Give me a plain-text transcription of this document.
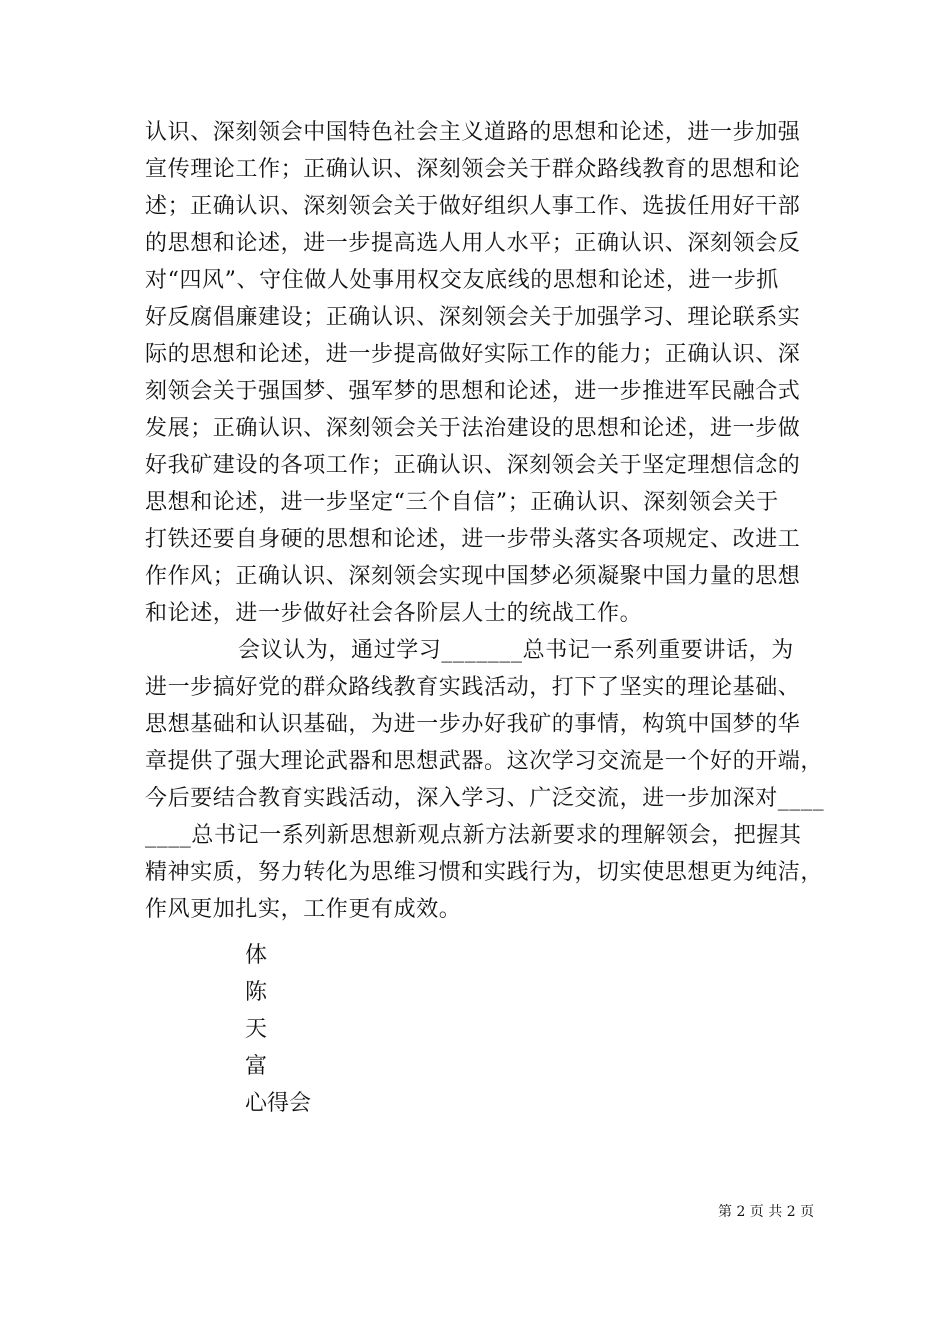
认识、深刻领会中国特色社会主义道路的思想和论述，进一步加强
宣传理论工作；正确认识、深刻领会关于群众路线教育的思想和论
述；正确认识、深刻领会关于做好组织人事工作、选拔任用好干部
的思想和论述，进一步提高选人用人水平；正确认识、深刻领会反
对“四风”、守住做人处事用权交友底线的思想和论述，进一步抓
好反腐倡廉建设；正确认识、深刻领会关于加强学习、理论联系实
际的思想和论述，进一步提高做好实际工作的能力；正确认识、深
刻领会关于强国梦、强军梦的思想和论述，进一步推进军民融合式
发展；正确认识、深刻领会关于法治建设的思想和论述，进一步做
好我矿建设的各项工作；正确认识、深刻领会关于坚定理想信念的
思想和论述，进一步坚定“三个自信”；正确认识、深刻领会关于
打铁还要自身硬的思想和论述，进一步带头落实各项规定、改进工
作作风；正确认识、深刻领会实现中国梦必须凝聚中国力量的思想
和论述，进一步做好社会各阶层人士的统战工作。
会议认为，通过学习_______总书记一系列重要讲话，为
进一步搞好党的群众路线教育实践活动，打下了坚实的理论基础、
思想基础和认识基础，为进一步办好我矿的事情，构筑中国梦的华
章提供了强大理论武器和思想武器。这次学习交流是一个好的开端，
今后要结合教育实践活动，深入学习、广泛交流，进一步加深对____
____总书记一系列新思想新观点新方法新要求的理解领会，把握其
精神实质，努力转化为思维习惯和实践行为，切实使思想更为纯洁，
作风更加扎实，工作更有成效。
体
陈
天
富
心得会
第 2 页 共 2 页
